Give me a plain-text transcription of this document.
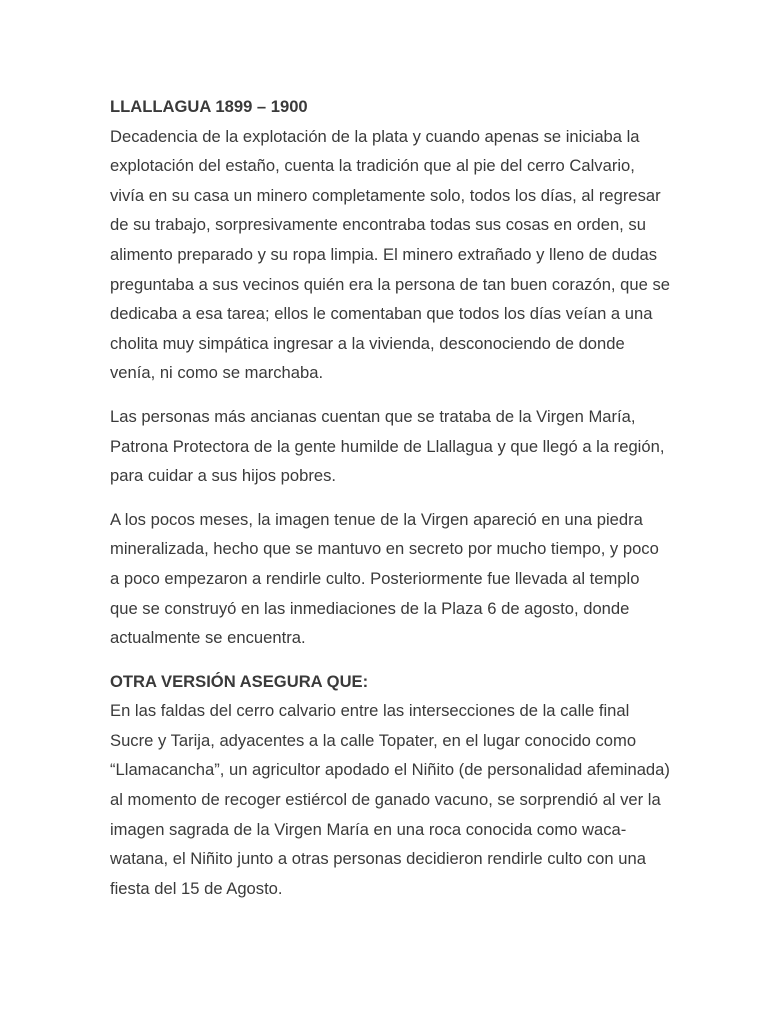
LLALLAGUA 1899 – 1900

Decadencia de la explotación de la plata y cuando apenas se iniciaba la explotación del estaño, cuenta la tradición que al pie del cerro Calvario, vivía en su casa un minero completamente solo, todos los días, al regresar de su trabajo, sorpresivamente encontraba todas sus cosas en orden, su alimento preparado y su ropa limpia. El minero extrañado y lleno de dudas preguntaba a sus vecinos quién era la persona de tan buen corazón, que se dedicaba a esa tarea; ellos le comentaban que todos los días veían a una cholita muy simpática ingresar a la vivienda, desconociendo de donde venía, ni como se marchaba.

Las personas más ancianas cuentan que se trataba de la Virgen María, Patrona Protectora de la gente humilde de Llallagua y que llegó a la región, para cuidar a sus hijos pobres.

A los pocos meses, la imagen tenue de la Virgen apareció en una piedra mineralizada, hecho que se mantuvo en secreto por mucho tiempo, y poco a poco empezaron a rendirle culto. Posteriormente fue llevada al templo que se construyó en las inmediaciones de la Plaza 6 de agosto, donde actualmente se encuentra.

OTRA VERSIÓN ASEGURA QUE:

En las faldas del cerro calvario entre las intersecciones de la calle final Sucre y Tarija, adyacentes a la calle Topater, en el lugar conocido como “Llamacancha”, un agricultor apodado el Niñito (de personalidad afeminada) al momento de recoger estiércol de ganado vacuno, se sorprendió al ver la imagen sagrada de la Virgen María en una roca conocida como waca-watana, el Niñito junto a otras personas decidieron rendirle culto con una fiesta del 15 de Agosto.
